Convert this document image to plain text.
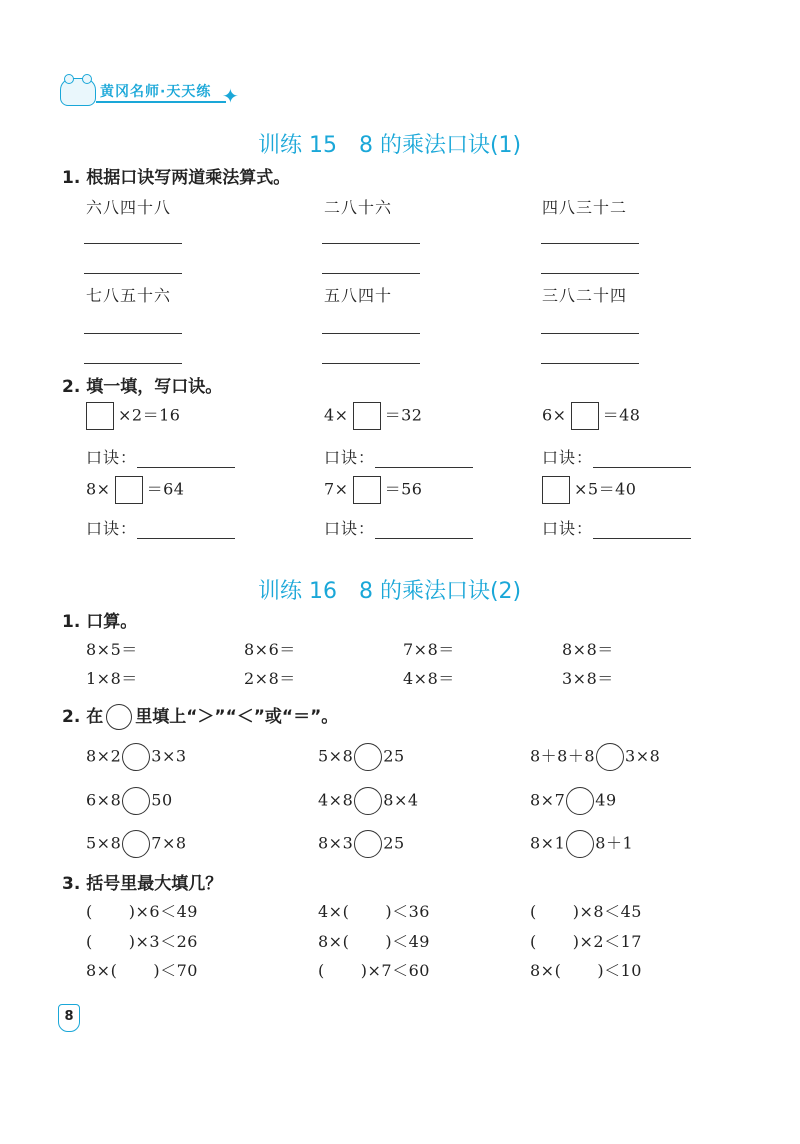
黄冈名师·天天练 ✦
训练 15　8 的乘法口诀(1)
1. 根据口诀写两道乘法算式。
六八四十八	二八十六	四八三十二
七八五十六	五八四十	三八二十四
2. 填一填，写口诀。
×2＝16	4× ＝32	6× ＝48
口诀：	口诀：	口诀：
8× ＝64	7× ＝56	×5＝40
口诀：	口诀：	口诀：
训练 16　8 的乘法口诀(2)
1. 口算。
8×5＝	8×6＝	7×8＝	8×8＝
1×8＝	2×8＝	4×8＝	3×8＝
2. 在 里填上“＞”“＜”或“＝”。
8×2 3×3	5×8 25	8＋8＋8 3×8
6×8 50	4×8 8×4	8×7 49
5×8 7×8	8×3 25	8×1 8＋1
3. 括号里最大填几？
( )×6＜49	4×( )＜36	( )×8＜45
( )×3＜26	8×( )＜49	( )×2＜17
8×( )＜70	( )×7＜60	8×( )＜10
8
